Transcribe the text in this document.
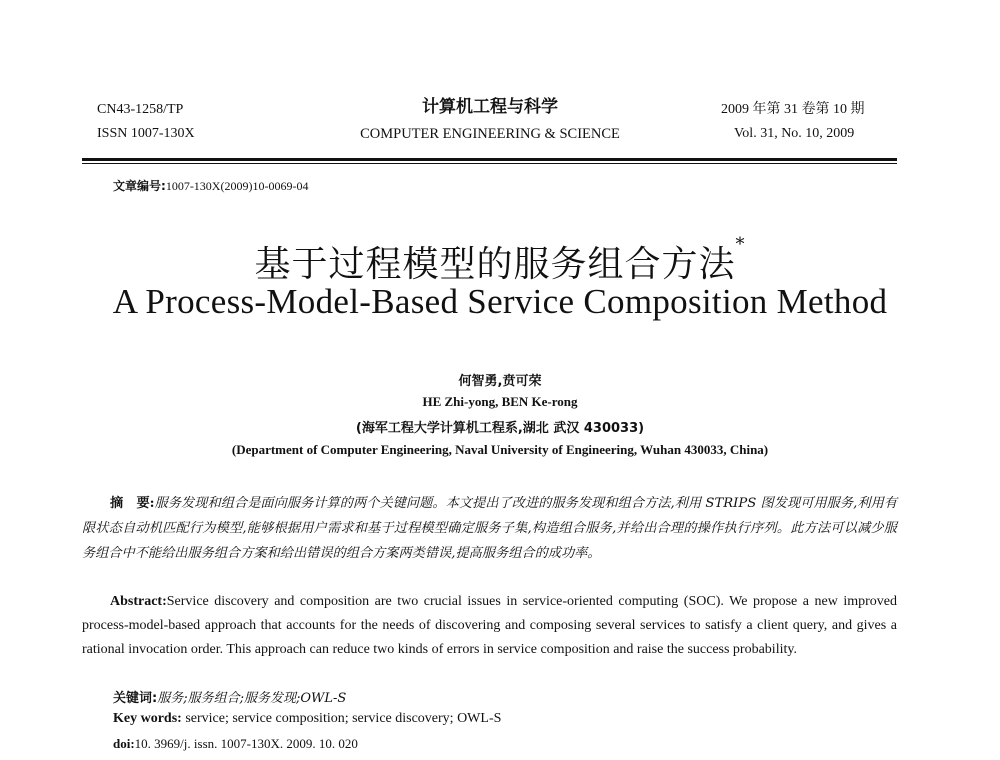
CN43-1258/TP
ISSN 1007-130X
计算机工程与科学
COMPUTER ENGINEERING & SCIENCE
2009 年第 31 卷第 10 期
Vol. 31, No. 10, 2009
文章编号:1007-130X(2009)10-0069-04
基于过程模型的服务组合方法*
A Process-Model-Based Service Composition Method
何智勇,贲可荣
HE Zhi-yong, BEN Ke-rong
(海军工程大学计算机工程系,湖北 武汉 430033)
(Department of Computer Engineering, Naval University of Engineering, Wuhan 430033, China)
摘　要:服务发现和组合是面向服务计算的两个关键问题。本文提出了改进的服务发现和组合方法,利用 STRIPS 图发现可用服务,利用有限状态自动机匹配行为模型,能够根据用户需求和基于过程模型确定服务子集,构造组合服务,并给出合理的操作执行序列。此方法可以减少服务组合中不能给出服务组合方案和给出错误的组合方案两类错误,提高服务组合的成功率。
Abstract:Service discovery and composition are two crucial issues in service-oriented computing (SOC). We propose a new improved process-model-based approach that accounts for the needs of discovering and composing several services to satisfy a client query, and gives a rational invocation order. This approach can reduce two kinds of errors in service composition and raise the success probability.
关键词:服务;服务组合;服务发现;OWL-S
Key words: service; service composition; service discovery; OWL-S
doi:10. 3969/j. issn. 1007-130X. 2009. 10. 020
